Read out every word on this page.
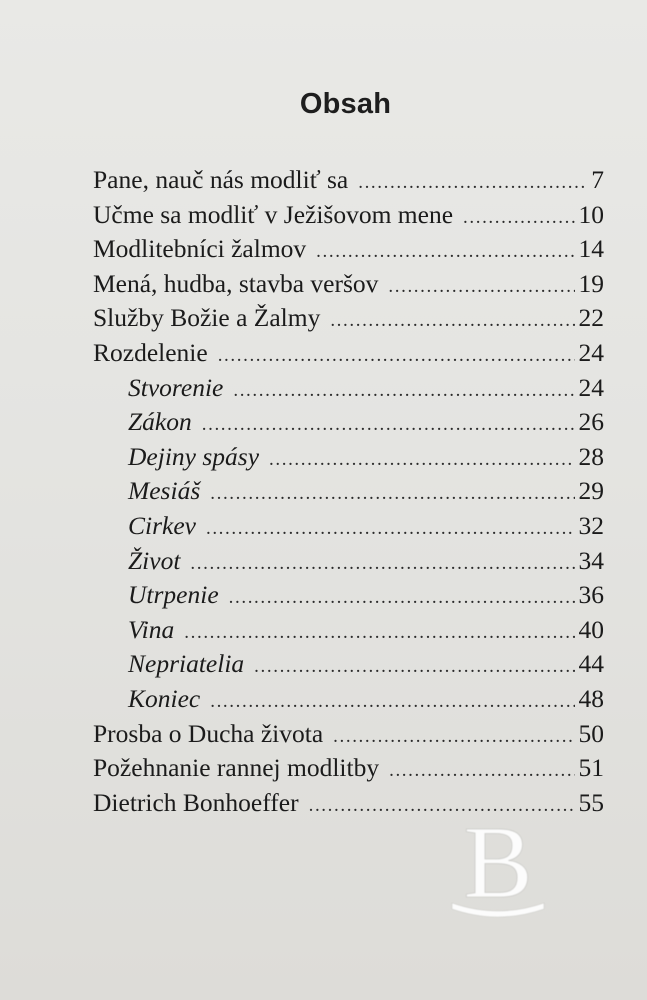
Obsah
Pane, nauč nás modliť sa .....	7
Učme sa modliť v Ježišovom mene .....	10
Modlitebníci žalmov .....	14
Mená, hudba, stavba veršov .....	19
Služby Božie a Žalmy .....	22
Rozdelenie .....	24
Stvorenie .....	24
Zákon .....	26
Dejiny spásy .....	28
Mesiáš .....	29
Cirkev .....	32
Život .....	34
Utrpenie .....	36
Vina .....	40
Nepriatelia .....	44
Koniec .....	48
Prosba o Ducha života .....	50
Požehnanie rannej modlitby .....	51
Dietrich Bonhoeffer .....	55
B
